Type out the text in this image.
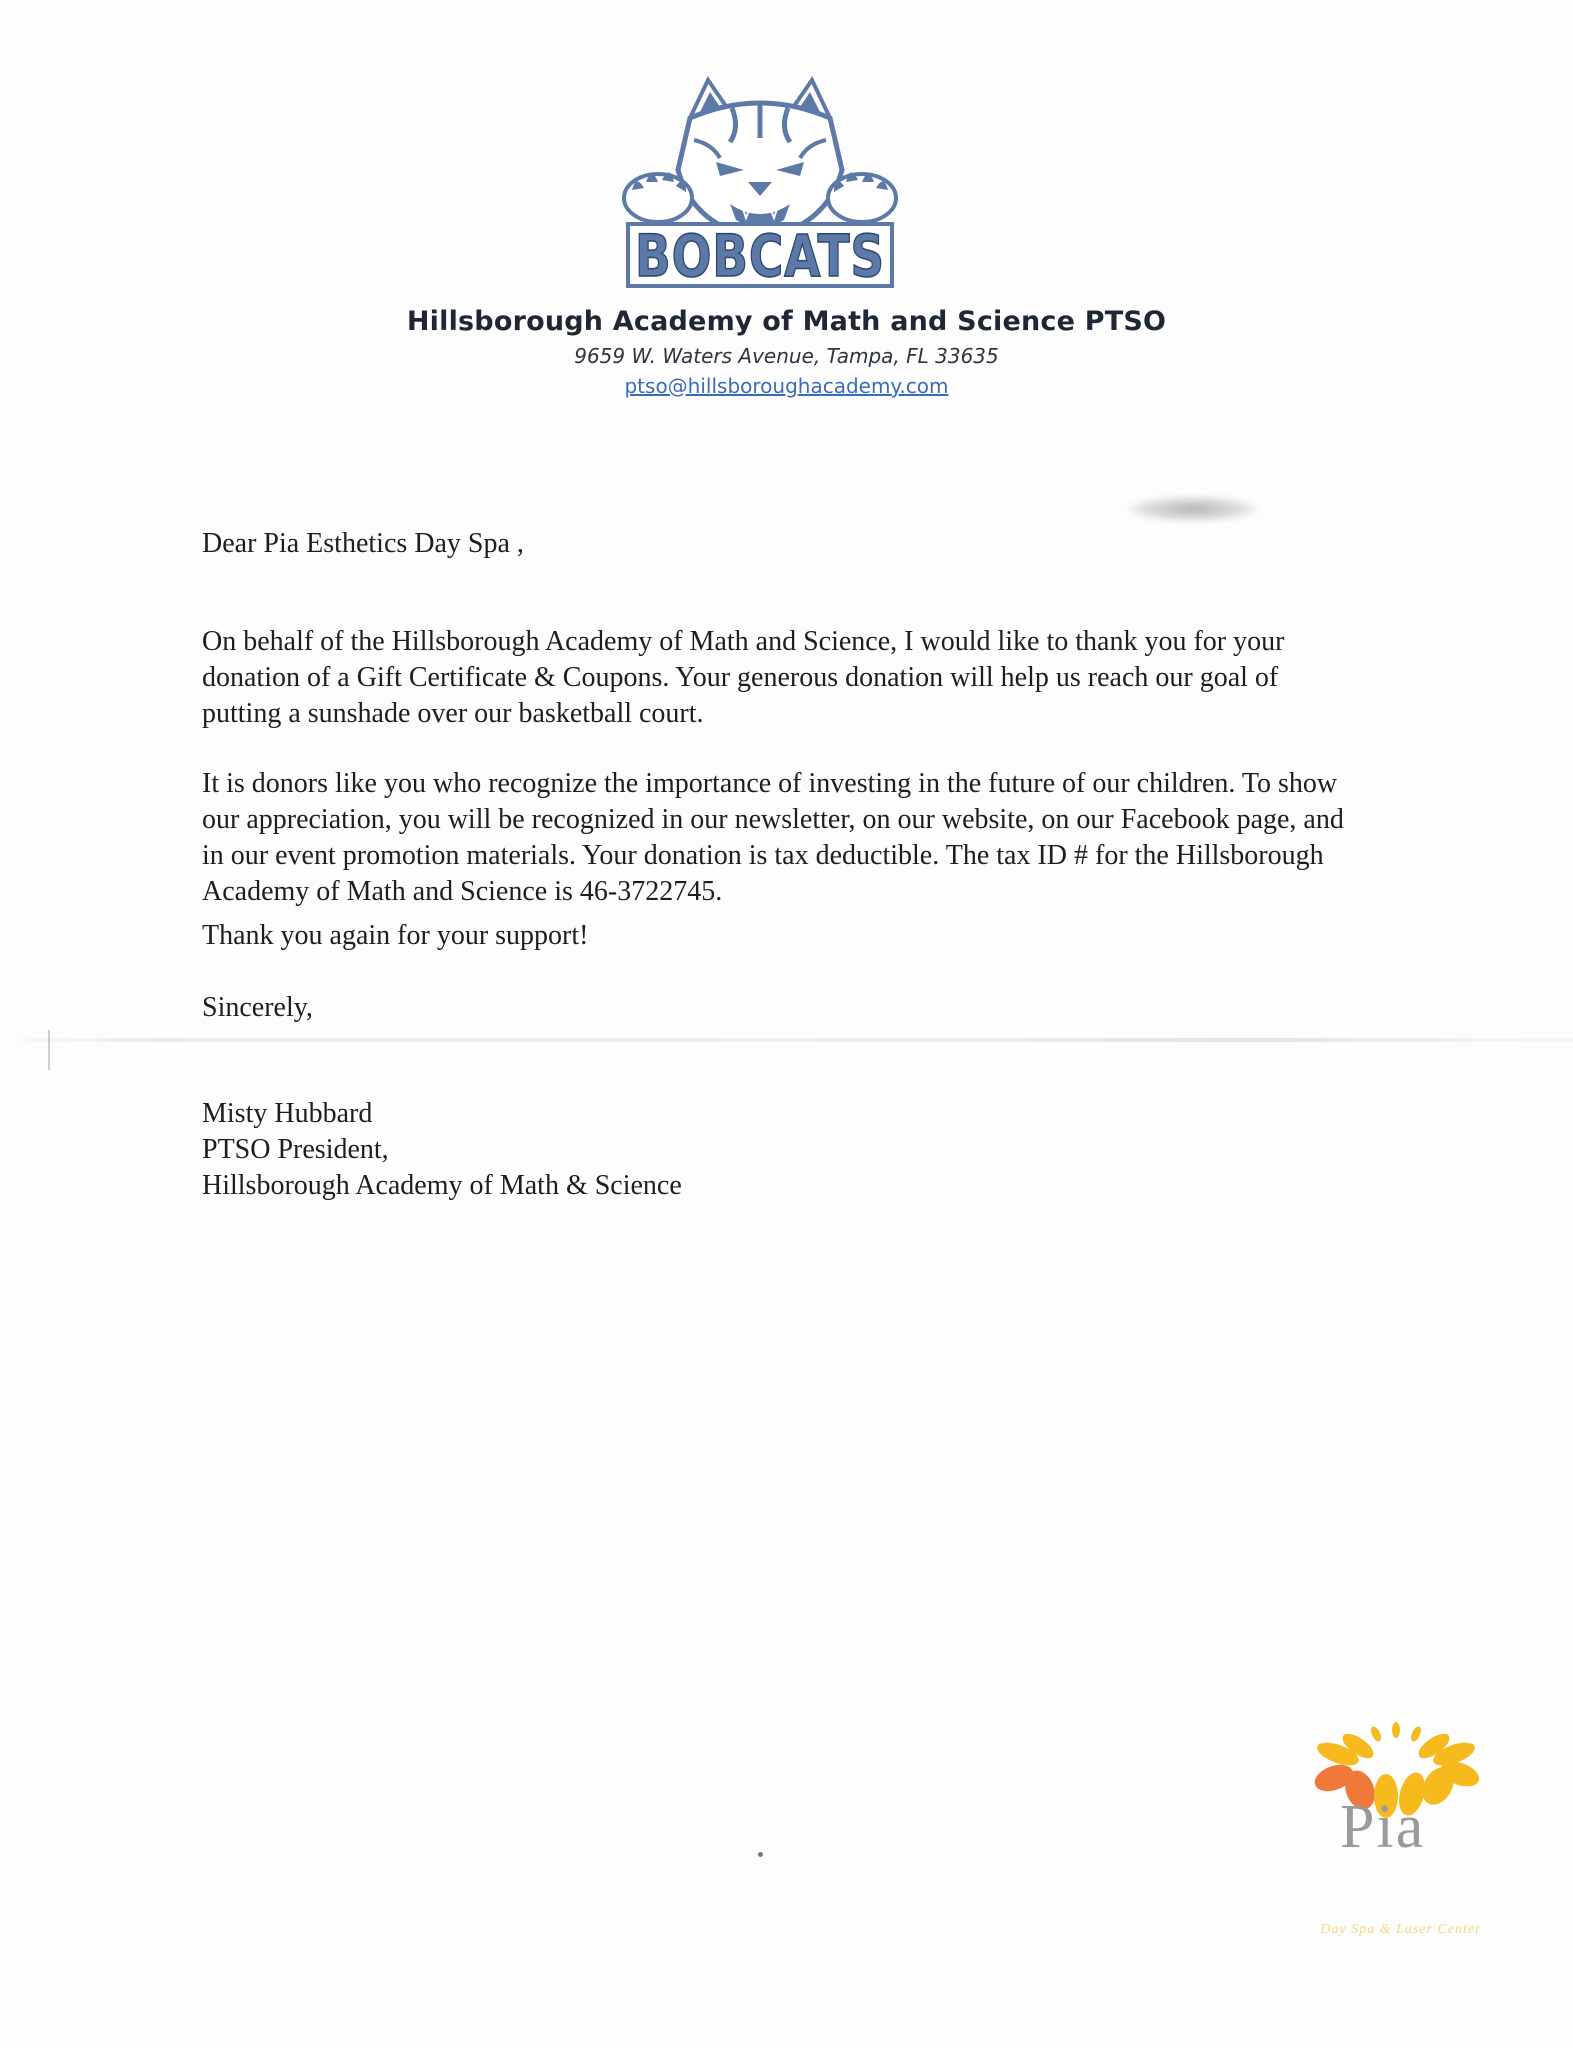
BOBCATS
Hillsborough Academy of Math and Science PTSO
9659 W. Waters Avenue, Tampa, FL 33635
ptso@hillsboroughacademy.com
Dear Pia Esthetics Day Spa ,

On behalf of the Hillsborough Academy of Math and Science, I would like to thank you for your donation of a Gift Certificate & Coupons. Your generous donation will help us reach our goal of putting a sunshade over our basketball court.

It is donors like you who recognize the importance of investing in the future of our children. To show our appreciation, you will be recognized in our newsletter, on our website, on our Facebook page, and in our event promotion materials. Your donation is tax deductible. The tax ID # for the Hillsborough Academy of Math and Science is 46-3722745.

Thank you again for your support!
Sincerely,

Misty Hubbard

PTSO President,

Hillsborough Academy of Math & Science

Pia
Day Spa & Laser Center
